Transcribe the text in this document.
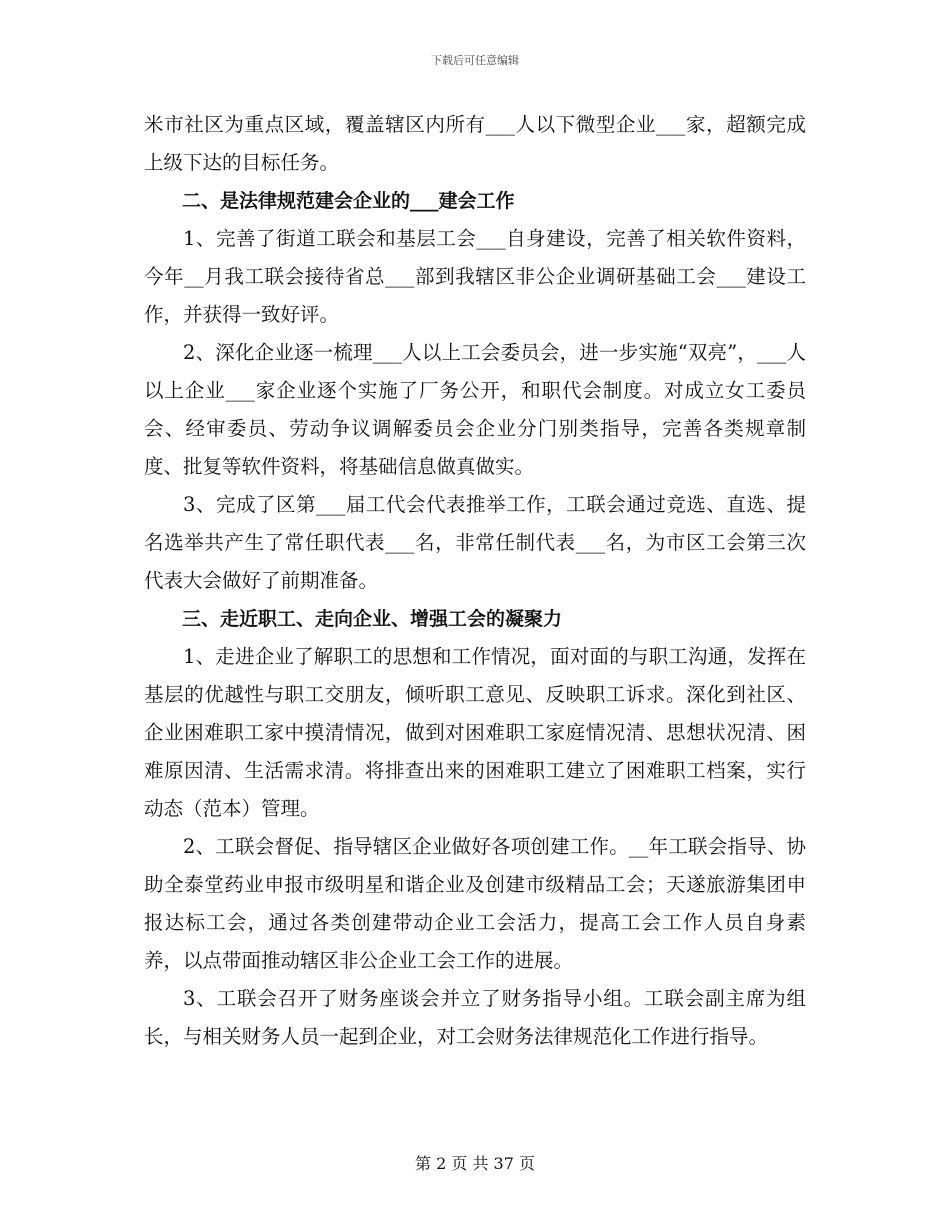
下载后可任意编辑

米市社区为重点区域，覆盖辖区内所有___人以下微型企业___家，超额完成上级下达的目标任务。

二、是法律规范建会企业的___建会工作

1、完善了街道工联会和基层工会___自身建设，完善了相关软件资料，今年__月我工联会接待省总___部到我辖区非公企业调研基础工会___建设工作，并获得一致好评。

2、深化企业逐一梳理___人以上工会委员会，进一步实施“双亮”，___人以上企业___家企业逐个实施了厂务公开，和职代会制度。对成立女工委员会、经审委员、劳动争议调解委员会企业分门别类指导，完善各类规章制度、批复等软件资料，将基础信息做真做实。

3、完成了区第___届工代会代表推举工作，工联会通过竞选、直选、提名选举共产生了常任职代表___名，非常任制代表___名，为市区工会第三次代表大会做好了前期准备。

三、走近职工、走向企业、增强工会的凝聚力

1、走进企业了解职工的思想和工作情况，面对面的与职工沟通，发挥在基层的优越性与职工交朋友，倾听职工意见、反映职工诉求。深化到社区、企业困难职工家中摸清情况，做到对困难职工家庭情况清、思想状况清、困难原因清、生活需求清。将排查出来的困难职工建立了困难职工档案，实行动态（范本）管理。

2、工联会督促、指导辖区企业做好各项创建工作。__年工联会指导、协助全泰堂药业申报市级明星和谐企业及创建市级精品工会；天遂旅游集团申报达标工会，通过各类创建带动企业工会活力，提高工会工作人员自身素养，以点带面推动辖区非公企业工会工作的进展。

3、工联会召开了财务座谈会并立了财务指导小组。工联会副主席为组长，与相关财务人员一起到企业，对工会财务法律规范化工作进行指导。

第 2 页 共 37 页
